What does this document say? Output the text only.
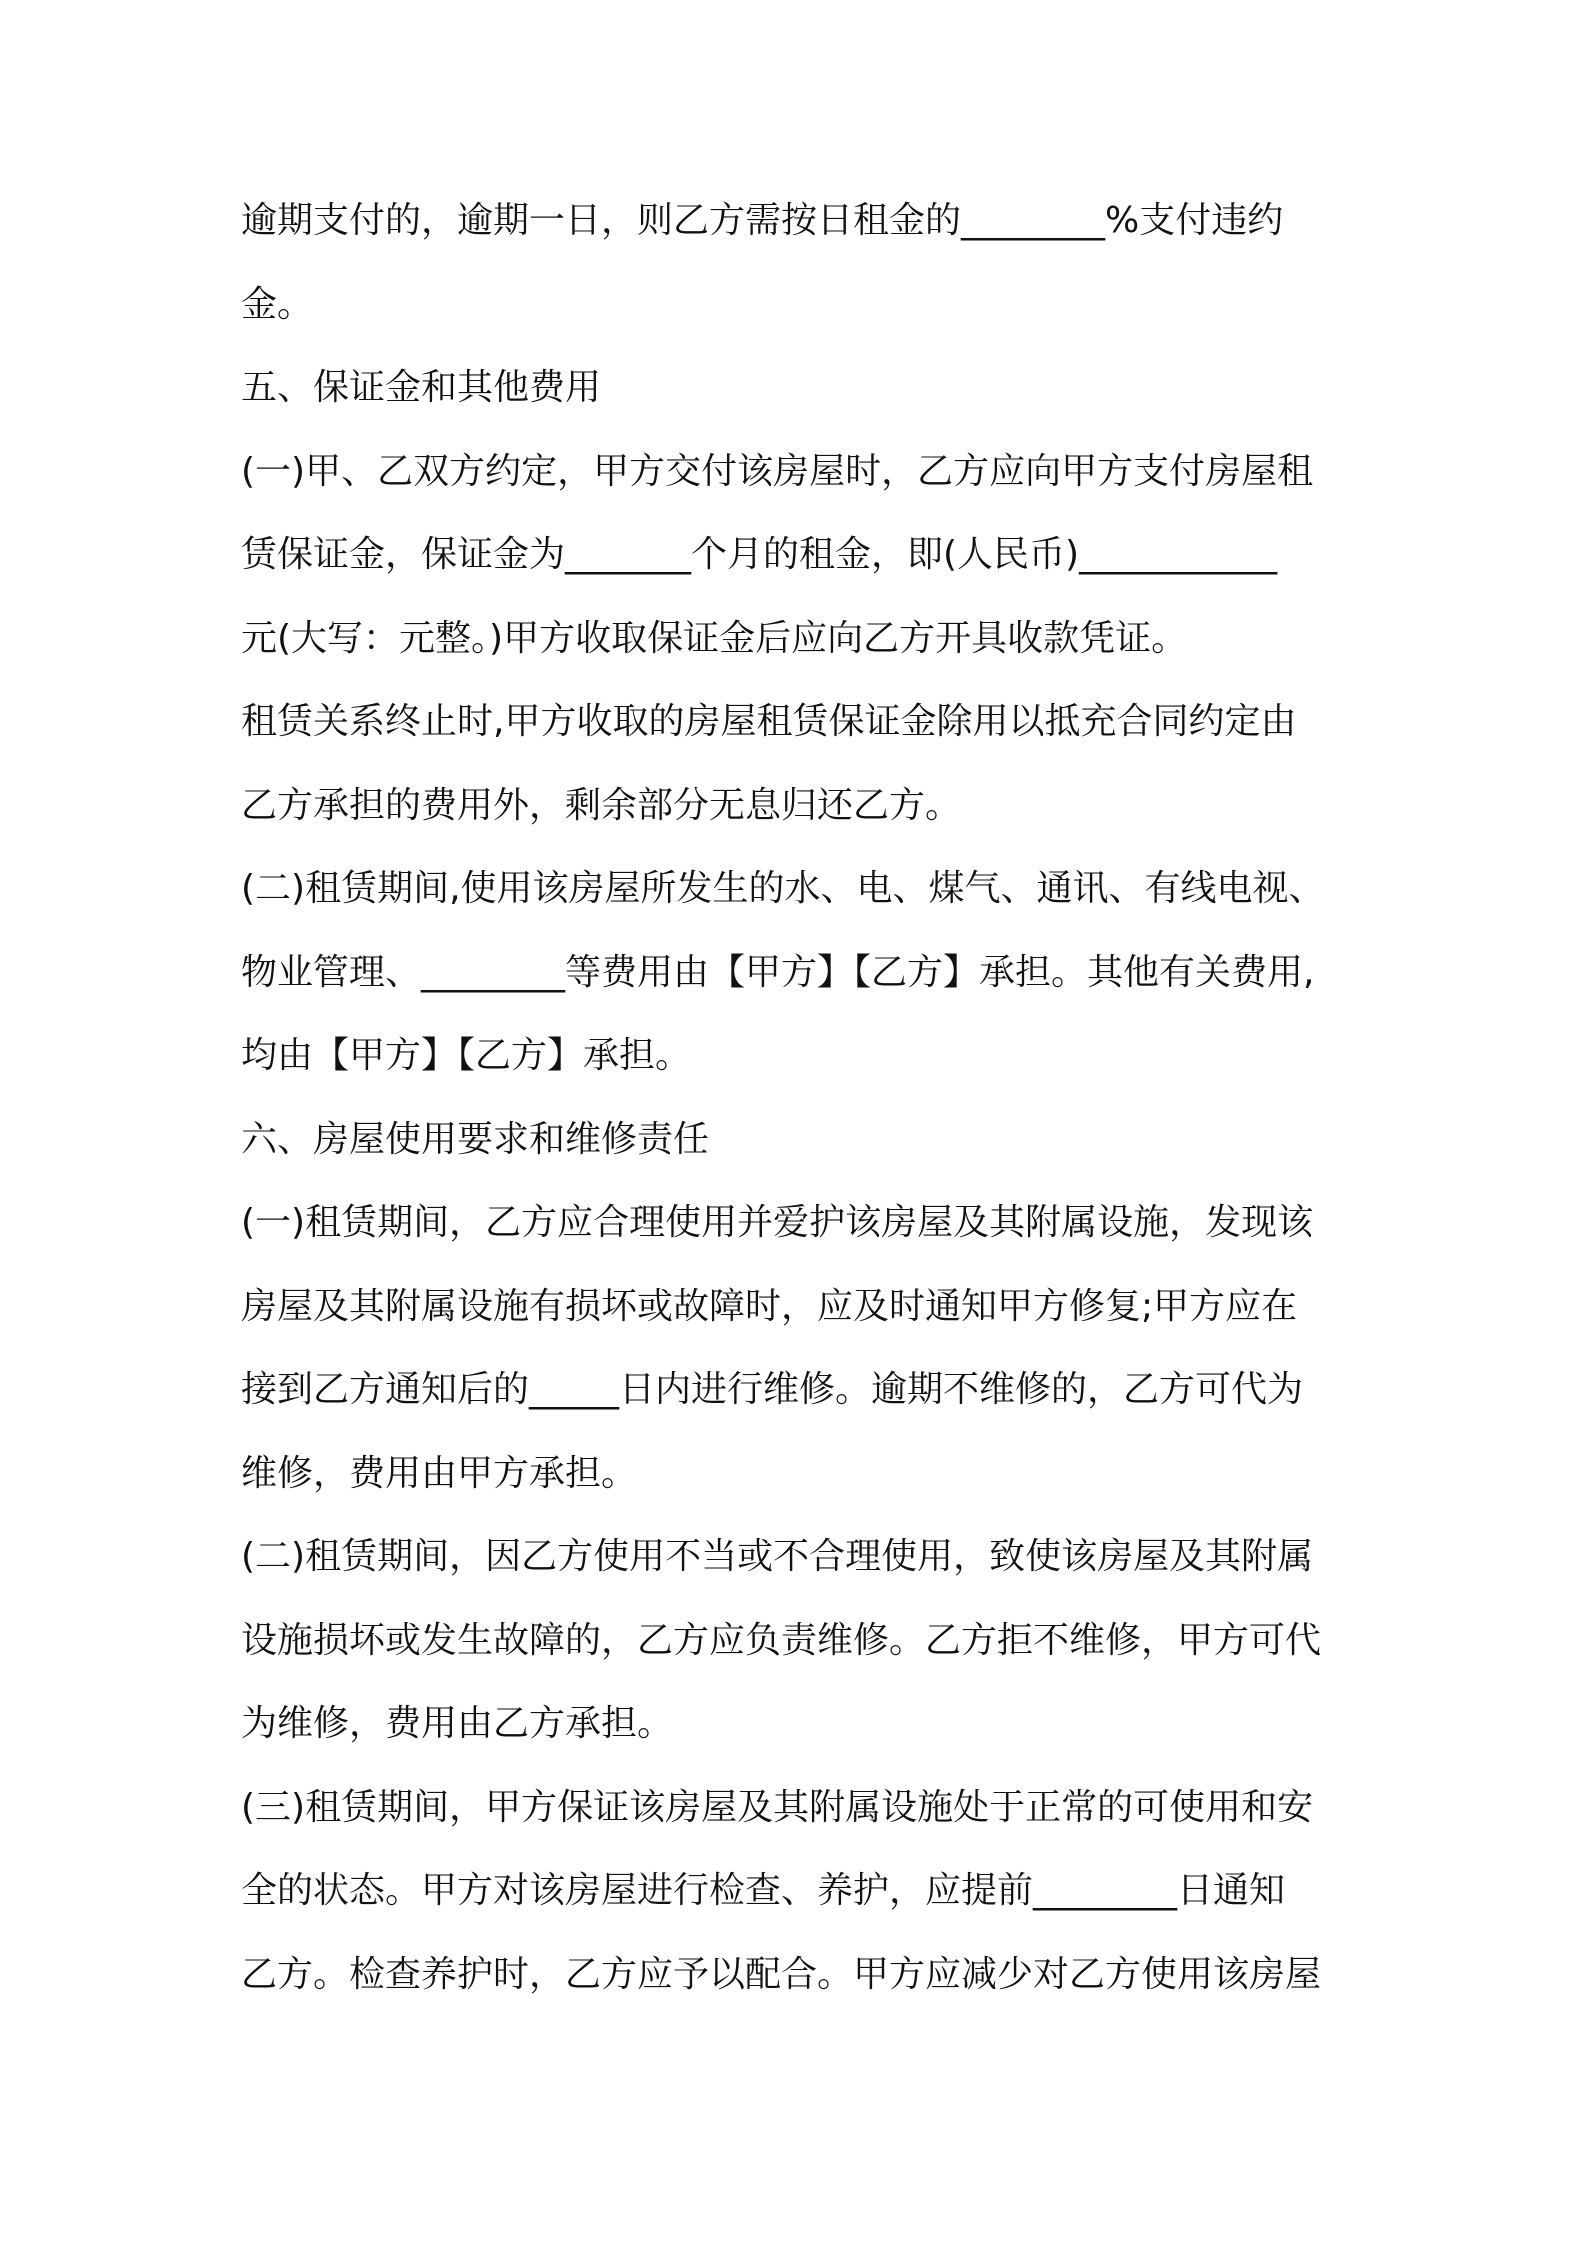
逾期支付的，逾期一日，则乙方需按日租金的________%支付违约
金。
五、保证金和其他费用
(一)甲、乙双方约定，甲方交付该房屋时，乙方应向甲方支付房屋租
赁保证金，保证金为_______个月的租金，即(人民币)___________
元(大写：元整。)甲方收取保证金后应向乙方开具收款凭证。
租赁关系终止时,甲方收取的房屋租赁保证金除用以抵充合同约定由
乙方承担的费用外，剩余部分无息归还乙方。
(二)租赁期间,使用该房屋所发生的水、电、煤气、通讯、有线电视、
物业管理、________等费用由【甲方】【乙方】承担。其他有关费用,
均由【甲方】【乙方】承担。
六、房屋使用要求和维修责任
(一)租赁期间，乙方应合理使用并爱护该房屋及其附属设施，发现该
房屋及其附属设施有损坏或故障时，应及时通知甲方修复;甲方应在
接到乙方通知后的_____日内进行维修。逾期不维修的，乙方可代为
维修，费用由甲方承担。
(二)租赁期间，因乙方使用不当或不合理使用，致使该房屋及其附属
设施损坏或发生故障的，乙方应负责维修。乙方拒不维修，甲方可代
为维修，费用由乙方承担。
(三)租赁期间，甲方保证该房屋及其附属设施处于正常的可使用和安
全的状态。甲方对该房屋进行检查、养护，应提前________日通知
乙方。检查养护时，乙方应予以配合。甲方应减少对乙方使用该房屋
